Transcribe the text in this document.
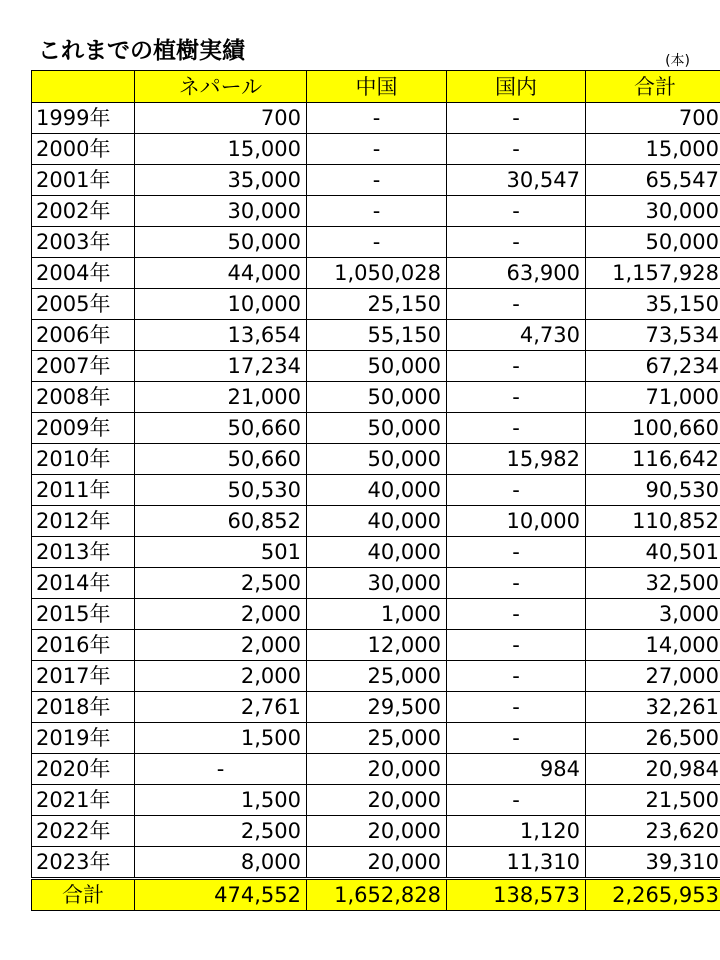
これまでの植樹実績	(本)
	ネパール	中国	国内	合計
1999年	700	-	-	700
2000年	15,000	-	-	15,000
2001年	35,000	-	30,547	65,547
2002年	30,000	-	-	30,000
2003年	50,000	-	-	50,000
2004年	44,000	1,050,028	63,900	1,157,928
2005年	10,000	25,150	-	35,150
2006年	13,654	55,150	4,730	73,534
2007年	17,234	50,000	-	67,234
2008年	21,000	50,000	-	71,000
2009年	50,660	50,000	-	100,660
2010年	50,660	50,000	15,982	116,642
2011年	50,530	40,000	-	90,530
2012年	60,852	40,000	10,000	110,852
2013年	501	40,000	-	40,501
2014年	2,500	30,000	-	32,500
2015年	2,000	1,000	-	3,000
2016年	2,000	12,000	-	14,000
2017年	2,000	25,000	-	27,000
2018年	2,761	29,500	-	32,261
2019年	1,500	25,000	-	26,500
2020年	-	20,000	984	20,984
2021年	1,500	20,000	-	21,500
2022年	2,500	20,000	1,120	23,620
2023年	8,000	20,000	11,310	39,310
合計	474,552	1,652,828	138,573	2,265,953
